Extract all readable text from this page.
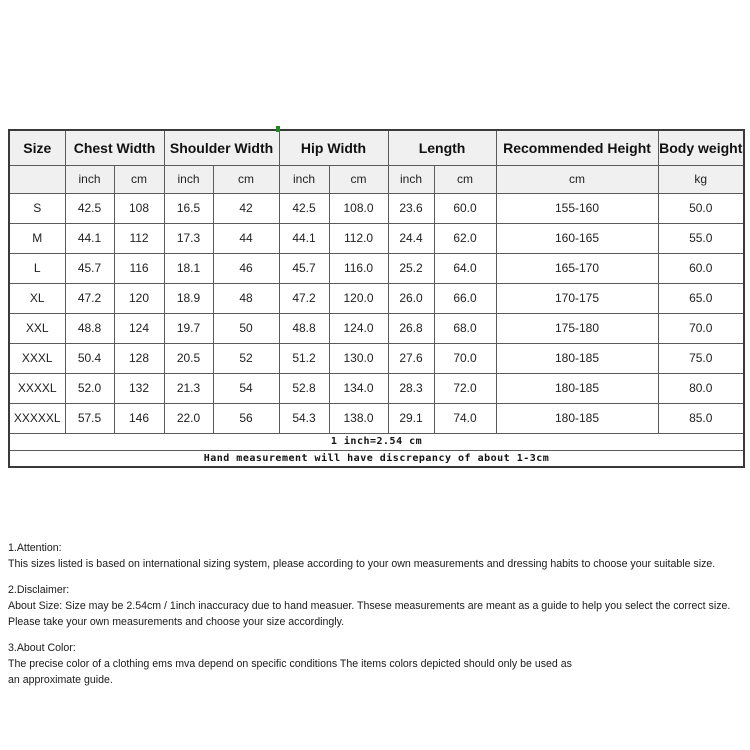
Size	Chest Width		Shoulder Width		Hip Width		Length		Recommended Height	Body weight
	inch	cm	inch	cm	inch	cm	inch	cm	cm	kg
S	42.5	108	16.5	42	42.5	108.0	23.6	60.0	155-160	50.0
M	44.1	112	17.3	44	44.1	112.0	24.4	62.0	160-165	55.0
L	45.7	116	18.1	46	45.7	116.0	25.2	64.0	165-170	60.0
XL	47.2	120	18.9	48	47.2	120.0	26.0	66.0	170-175	65.0
XXL	48.8	124	19.7	50	48.8	124.0	26.8	68.0	175-180	70.0
XXXL	50.4	128	20.5	52	51.2	130.0	27.6	70.0	180-185	75.0
XXXXL	52.0	132	21.3	54	52.8	134.0	28.3	72.0	180-185	80.0
XXXXXL	57.5	146	22.0	56	54.3	138.0	29.1	74.0	180-185	85.0
1 inch=2.54 cm										
Hand measurement will have discrepancy of about 1-3cm										
1.Attention:
This sizes listed is based on international sizing system, please according to your own measurements and dressing habits to choose your suitable size.
2.Disclaimer:
About Size: Size may be 2.54cm / 1inch inaccuracy due to hand measuer. Thsese measurements are meant as a guide to help you select the correct size.
Please take your own measurements and choose your size accordingly.
3.About Color:
The precise color of a clothing ems mva depend on specific conditions The items colors depicted should only be used as
an approximate guide.
